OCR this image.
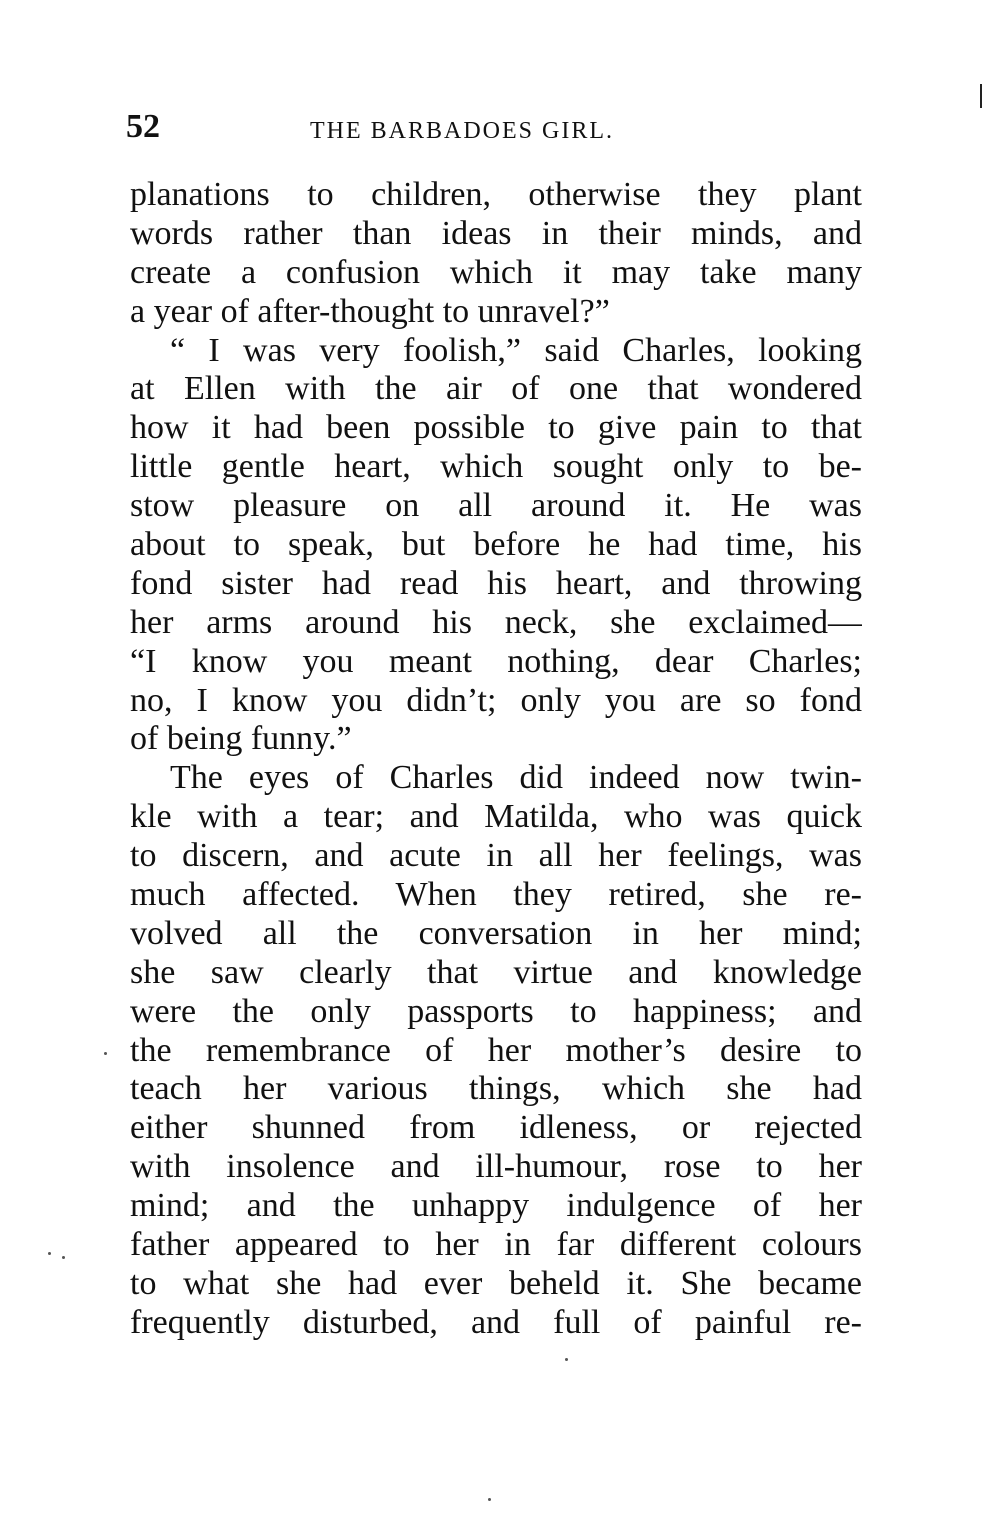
52	THE BARBADOES GIRL.
planations to children, otherwise they plant
words rather than ideas in their minds, and
create a confusion which it may take many
a year of after-thought to unravel?”
“ I was very foolish,” said Charles, looking
at Ellen with the air of one that wondered
how it had been possible to give pain to that
little gentle heart, which sought only to be-
stow pleasure on all around it. He was
about to speak, but before he had time, his
fond sister had read his heart, and throwing
her arms around his neck, she exclaimed—
“I know you meant nothing, dear Charles;
no, I know you didn’t; only you are so fond
of being funny.”
The eyes of Charles did indeed now twin-
kle with a tear; and Matilda, who was quick
to discern, and acute in all her feelings, was
much affected. When they retired, she re-
volved all the conversation in her mind;
she saw clearly that virtue and knowledge
were the only passports to happiness; and
the remembrance of her mother’s desire to
teach her various things, which she had
either shunned from idleness, or rejected
with insolence and ill-humour, rose to her
mind; and the unhappy indulgence of her
father appeared to her in far different colours
to what she had ever beheld it. She became
frequently disturbed, and full of painful re-
